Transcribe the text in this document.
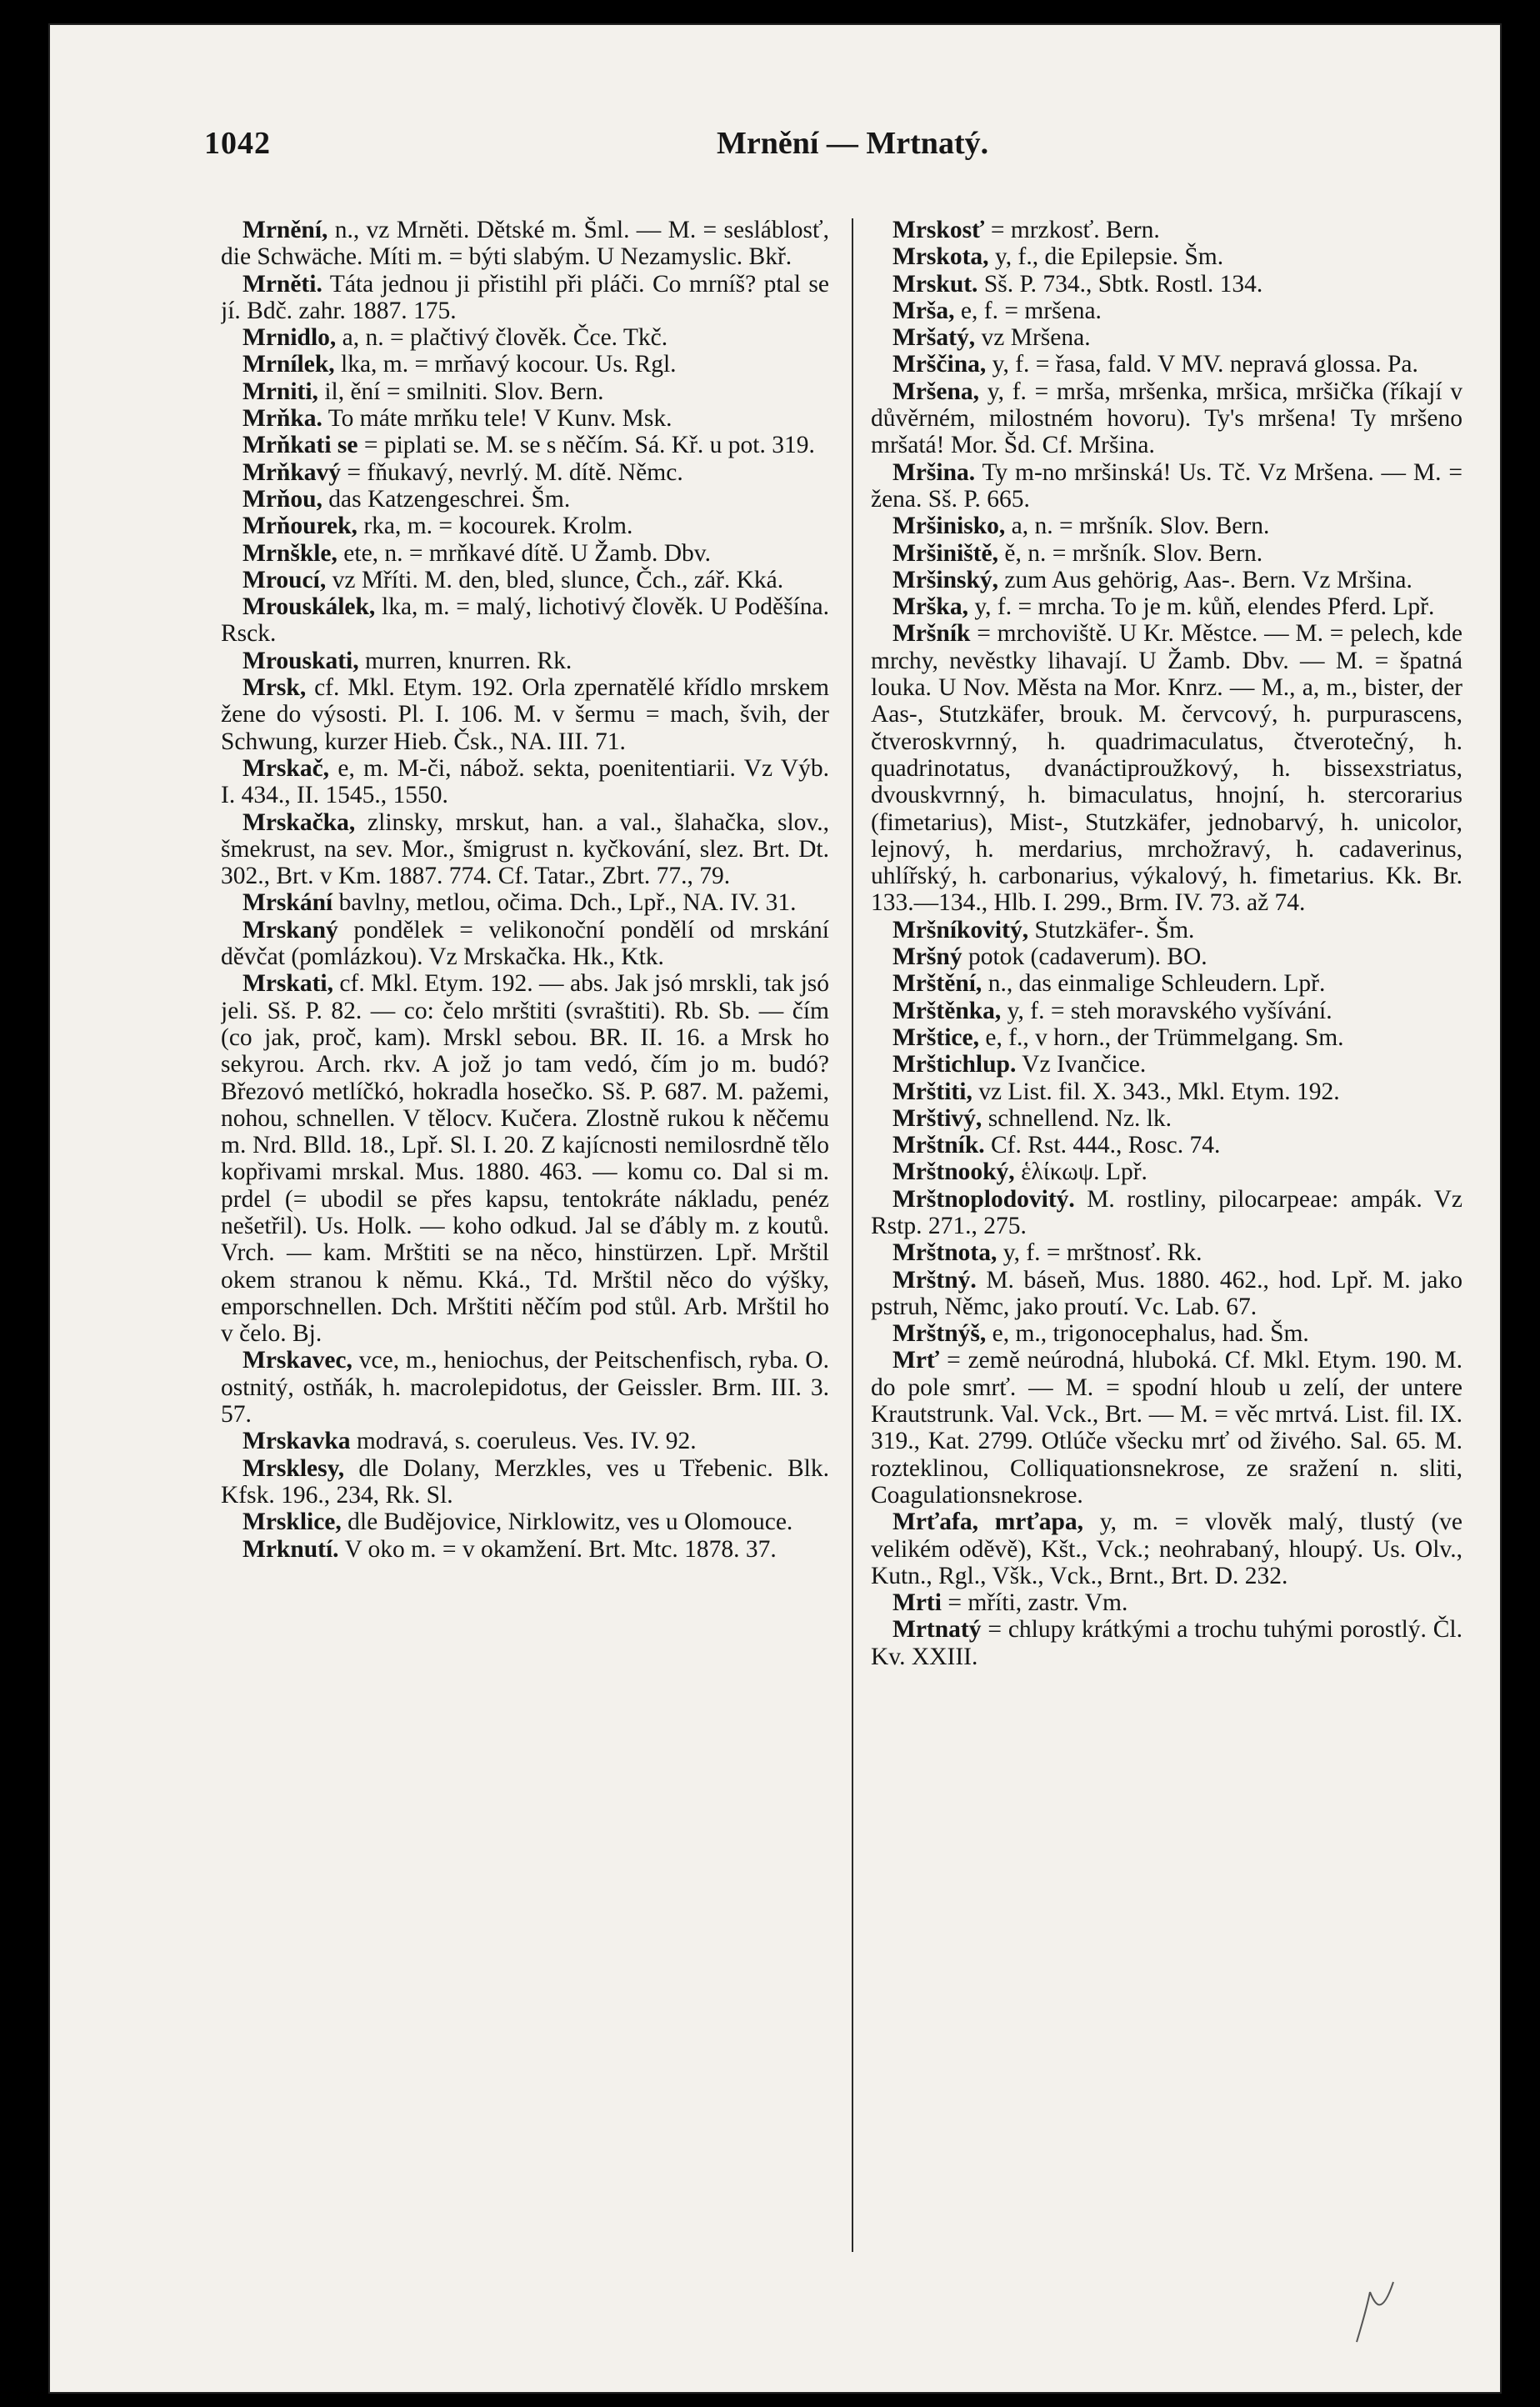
1042	Mrnění — Mrtnatý.

Mrnění, n., vz Mrněti. Dětské m. Šml. — M. = sesláblosť, die Schwäche. Míti m. = býti slabým. U Nezamyslic. Bkř.

Mrněti. Táta jednou ji přistihl při pláči. Co mrníš? ptal se jí. Bdč. zahr. 1887. 175.

Mrnidlo, a, n. = plačtivý člověk. Čce. Tkč.

Mrnílek, lka, m. = mrňavý kocour. Us. Rgl.

Mrniti, il, ění = smilniti. Slov. Bern.

Mrňka. To máte mrňku tele! V Kunv. Msk.

Mrňkati se = piplati se. M. se s něčím. Sá. Kř. u pot. 319.

Mrňkavý = fňukavý, nevrlý. M. dítě. Němc.

Mrňou, das Katzengeschrei. Šm.

Mrňourek, rka, m. = kocourek. Krolm.

Mrnškle, ete, n. = mrňkavé dítě. U Žamb. Dbv.

Mroucí, vz Mříti. M. den, bled, slunce, Čch., zář. Kká.

Mrouskálek, lka, m. = malý, lichotivý člověk. U Poděšína. Rsck.

Mrouskati, murren, knurren. Rk.

Mrsk, cf. Mkl. Etym. 192. Orla zpernatělé křídlo mrskem žene do výsosti. Pl. I. 106. M. v šermu = mach, švih, der Schwung, kurzer Hieb. Čsk., NA. III. 71.

Mrskač, e, m. M-či, nábož. sekta, poenitentiarii. Vz Výb. I. 434., II. 1545., 1550.

Mrskačka, zlinsky, mrskut, han. a val., šlahačka, slov., šmekrust, na sev. Mor., šmigrust n. kyčkování, slez. Brt. Dt. 302., Brt. v Km. 1887. 774. Cf. Tatar., Zbrt. 77., 79.

Mrskání bavlny, metlou, očima. Dch., Lpř., NA. IV. 31.

Mrskaný pondělek = velikonoční pondělí od mrskání děvčat (pomlázkou). Vz Mrskačka. Hk., Ktk.

Mrskati, cf. Mkl. Etym. 192. — abs. Jak jsó mrskli, tak jsó jeli. Sš. P. 82. — co: čelo mrštiti (svraštiti). Rb. Sb. — čím (co jak, proč, kam). Mrskl sebou. BR. II. 16. a Mrsk ho sekyrou. Arch. rkv. A jož jo tam vedó, čím jo m. budó? Březovó metlíčkó, hokradla hosečko. Sš. P. 687. M. pažemi, nohou, schnellen. V tělocv. Kučera. Zlostně rukou k něčemu m. Nrd. Blld. 18., Lpř. Sl. I. 20. Z kajícnosti nemilosrdně tělo kopřivami mrskal. Mus. 1880. 463. — komu co. Dal si m. prdel (= ubodil se přes kapsu, tentokráte nákladu, penéz nešetřil). Us. Holk. — koho odkud. Jal se ďábly m. z koutů. Vrch. — kam. Mrštiti se na něco, hinstürzen. Lpř. Mrštil okem stranou k němu. Kká., Td. Mrštil něco do výšky, emporschnellen. Dch. Mrštiti něčím pod stůl. Arb. Mrštil ho v čelo. Bj.

Mrskavec, vce, m., heniochus, der Peitschenfisch, ryba. O. ostnitý, ostňák, h. macrolepidotus, der Geissler. Brm. III. 3. 57.

Mrskavka modravá, s. coeruleus. Ves. IV. 92.

Mrsklesy, dle Dolany, Merzkles, ves u Třebenic. Blk. Kfsk. 196., 234, Rk. Sl.

Mrsklice, dle Budějovice, Nirklowitz, ves u Olomouce.

Mrknutí. V oko m. = v okamžení. Brt. Mtc. 1878. 37.

Mrskosť = mrzkosť. Bern.

Mrskota, y, f., die Epilepsie. Šm.

Mrskut. Sš. P. 734., Sbtk. Rostl. 134.

Mrša, e, f. = mršena.

Mršatý, vz Mršena.

Mrščina, y, f. = řasa, fald. V MV. nepravá glossa. Pa.

Mršena, y, f. = mrša, mršenka, mršica, mršička (říkají v důvěrném, milostném hovoru). Ty's mršena! Ty mršeno mršatá! Mor. Šd. Cf. Mršina.

Mršina. Ty m-no mršinská! Us. Tč. Vz Mršena. — M. = žena. Sš. P. 665.

Mršinisko, a, n. = mršník. Slov. Bern.

Mršiniště, ě, n. = mršník. Slov. Bern.

Mršinský, zum Aus gehörig, Aas-. Bern. Vz Mršina.

Mrška, y, f. = mrcha. To je m. kůň, elendes Pferd. Lpř.

Mršník = mrchoviště. U Kr. Městce. — M. = pelech, kde mrchy, nevěstky lihavají. U Žamb. Dbv. — M. = špatná louka. U Nov. Města na Mor. Knrz. — M., a, m., bister, der Aas-, Stutzkäfer, brouk. M. červcový, h. purpurascens, čtveroskvrnný, h. quadrimaculatus, čtverotečný, h. quadrinotatus, dvanáctiproužkový, h. bissexstriatus, dvouskvrnný, h. bimaculatus, hnojní, h. stercorarius (fimetarius), Mist-, Stutzkäfer, jednobarvý, h. unicolor, lejnový, h. merdarius, mrchožravý, h. cadaverinus, uhlířský, h. carbonarius, výkalový, h. fimetarius. Kk. Br. 133.—134., Hlb. I. 299., Brm. IV. 73. až 74.

Mršníkovitý, Stutzkäfer-. Šm.

Mršný potok (cadaverum). BO.

Mrštění, n., das einmalige Schleudern. Lpř.

Mrštěnka, y, f. = steh moravského vyšívání.

Mrštice, e, f., v horn., der Trümmelgang. Sm.

Mrštichlup. Vz Ivančice.

Mrštiti, vz List. fil. X. 343., Mkl. Etym. 192.

Mrštivý, schnellend. Nz. lk.

Mrštník. Cf. Rst. 444., Rosc. 74.

Mrštnooký, ἑλίκωψ. Lpř.

Mrštnoplodovitý. M. rostliny, pilocarpeae: ampák. Vz Rstp. 271., 275.

Mrštnota, y, f. = mrštnosť. Rk.

Mrštný. M. báseň, Mus. 1880. 462., hod. Lpř. M. jako pstruh, Němc, jako proutí. Vc. Lab. 67.

Mrštnýš, e, m., trigonocephalus, had. Šm.

Mrť = země neúrodná, hluboká. Cf. Mkl. Etym. 190. M. do pole smrť. — M. = spodní hloub u zelí, der untere Krautstrunk. Val. Vck., Brt. — M. = věc mrtvá. List. fil. IX. 319., Kat. 2799. Otlúče všecku mrť od živého. Sal. 65. M. rozteklinou, Colliquationsnekrose, ze sražení n. sliti, Coagulationsnekrose.

Mrťafa, mrťapa, y, m. = vlověk malý, tlustý (ve velikém oděvě), Kšt., Vck.; neohrabaný, hloupý. Us. Olv., Kutn., Rgl., Všk., Vck., Brnt., Brt. D. 232.

Mrti = mříti, zastr. Vm.

Mrtnatý = chlupy krátkými a trochu tuhými porostlý. Čl. Kv. XXIII.
